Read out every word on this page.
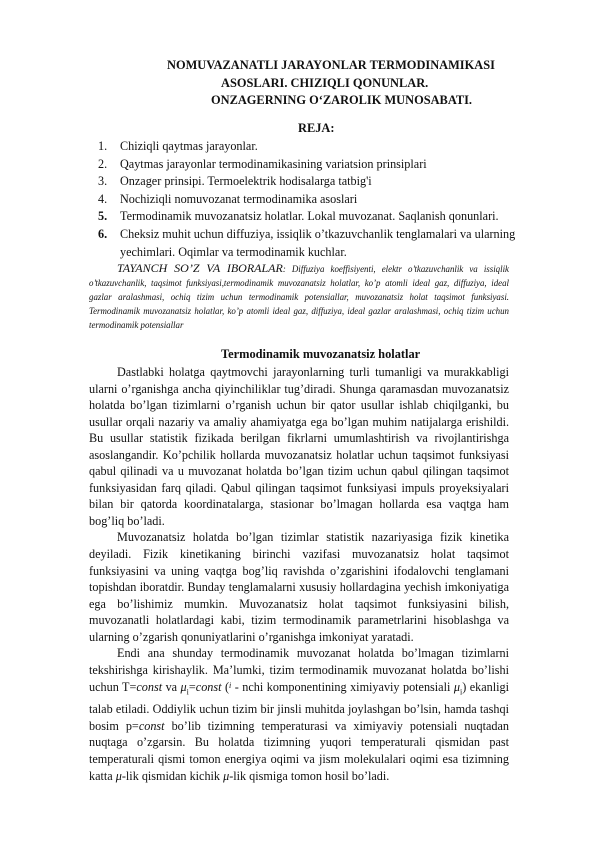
NOMUVAZANATLI JARAYONLAR TERMODINAMIKASI
ASOSLARI. CHIZIQLI QONUNLAR.
ONZAGERNING O‘ZAROLIK MUNOSABATI.
REJA:
1. Chiziqli qaytmas jarayonlar.
2. Qaytmas jarayonlar termodinamikasining variatsion prinsiplari
3. Onzager prinsipi. Termoelektrik hodisalarga tatbig'i
4. Nochiziqli nomuvozanat termodinamika asoslari
5. Termodinamik muvozanatsiz holatlar. Lokal muvozanat. Saqlanish qonunlari.
6. Cheksiz muhit uchun diffuziya, issiqlik o’tkazuvchanlik tenglamalari va ularning yechimlari. Oqimlar va termodinamik kuchlar.

TAYANCH SO’Z VA IBORALAR: Diffuziya koeffisiyenti, elektr o’tkazuvchanlik va issiqlik o’tkazuvchanlik, taqsimot funksiyasi,termodinamik muvozanatsiz holatlar, ko’p atomli ideal gaz, diffuziya, ideal gazlar aralashmasi, ochiq tizim uchun termodinamik potensiallar, muvozanatsiz holat taqsimot funksiyasi. Termodinamik muvozanatsiz holatlar, ko’p atomli ideal gaz, diffuziya, ideal gazlar aralashmasi, ochiq tizim uchun termodinamik potensiallar

Termodinamik muvozanatsiz holatlar

Dastlabki holatga qaytmovchi jarayonlarning turli tumanligi va murakkabligi ularni o’rganishga ancha qiyinchiliklar tug’diradi. Shunga qaramasdan muvozanatsiz holatda bo’lgan tizimlarni o’rganish uchun bir qator usullar ishlab chiqilganki, bu usullar orqali nazariy va amaliy ahamiyatga ega bo’lgan muhim natijalarga erishildi. Bu usullar statistik fizikada berilgan fikrlarni umumlashtirish va rivojlantirishga asoslangandir. Ko’pchilik hollarda muvozanatsiz holatlar uchun taqsimot funksiyasi qabul qilinadi va u muvozanat holatda bo’lgan tizim uchun qabul qilingan taqsimot funksiyasidan farq qiladi. Qabul qilingan taqsimot funksiyasi impuls proyeksiyalari bilan bir qatorda koordinatalarga, stasionar bo’lmagan hollarda esa vaqtga ham bog’liq bo’ladi.

Muvozanatsiz holatda bo’lgan tizimlar statistik nazariyasiga fizik kinetika deyiladi. Fizik kinetikaning birinchi vazifasi muvozanatsiz holat taqsimot funksiyasini va uning vaqtga bog’liq ravishda o’zgarishini ifodalovchi tenglamani topishdan iboratdir. Bunday tenglamalarni xususiy hollardagina yechish imkoniyatiga ega bo’lishimiz mumkin. Muvozanatsiz holat taqsimot funksiyasini bilish, muvozanatli holatlardagi kabi, tizim termodinamik parametrlarini hisoblashga va ularning o’zgarish qonuniyatlarini o’rganishga imkoniyat yaratadi.

Endi ana shunday termodinamik muvozanat holatda bo’lmagan tizimlarni tekshirishga kirishaylik. Ma’lumki, tizim termodinamik muvozanat holatda bo’lishi uchun T=const va $\mu_i=const$ ($^i$ - nchi komponentining ximiyaviy potensiali $\mu_i$) ekanligi talab etiladi. Oddiylik uchun tizim bir jinsli muhitda joylashgan bo’lsin, hamda tashqi bosim p=const bo’lib tizimning temperaturasi va ximiyaviy potensiali nuqtadan nuqtaga o’zgarsin. Bu holatda tizimning yuqori temperaturali qismidan past temperaturali qismi tomon energiya oqimi va jism molekulalari oqimi esa tizimning katta μ-lik qismidan kichik μ-lik qismiga tomon hosil bo’ladi.
